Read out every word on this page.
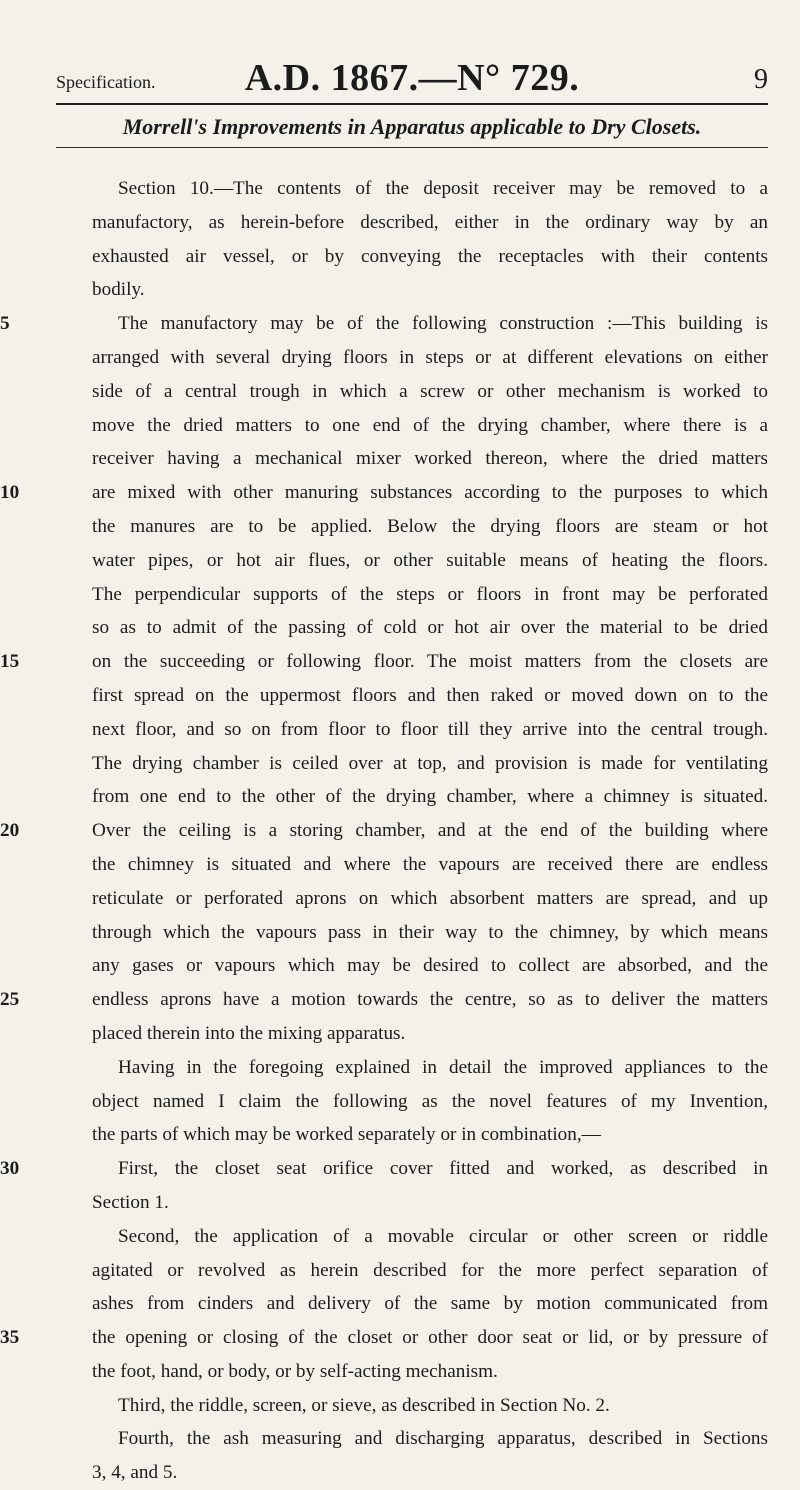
Specification.	A.D. 1867.—N° 729.	9
Morrell's Improvements in Apparatus applicable to Dry Closets.
Section 10.—The contents of the deposit receiver may be removed to a
manufactory, as herein-before described, either in the ordinary way by an
exhausted air vessel, or by conveying the receptacles with their contents
bodily.
5	The manufactory may be of the following construction :—This building is
arranged with several drying floors in steps or at different elevations on either
side of a central trough in which a screw or other mechanism is worked to
move the dried matters to one end of the drying chamber, where there is a
receiver having a mechanical mixer worked thereon, where the dried matters
10	are mixed with other manuring substances according to the purposes to which
the manures are to be applied. Below the drying floors are steam or hot
water pipes, or hot air flues, or other suitable means of heating the floors.
The perpendicular supports of the steps or floors in front may be perforated
so as to admit of the passing of cold or hot air over the material to be dried
15	on the succeeding or following floor. The moist matters from the closets are
first spread on the uppermost floors and then raked or moved down on to the
next floor, and so on from floor to floor till they arrive into the central trough.
The drying chamber is ceiled over at top, and provision is made for ventilating
from one end to the other of the drying chamber, where a chimney is situated.
20	Over the ceiling is a storing chamber, and at the end of the building where
the chimney is situated and where the vapours are received there are endless
reticulate or perforated aprons on which absorbent matters are spread, and up
through which the vapours pass in their way to the chimney, by which means
any gases or vapours which may be desired to collect are absorbed, and the
25	endless aprons have a motion towards the centre, so as to deliver the matters
placed therein into the mixing apparatus.
Having in the foregoing explained in detail the improved appliances to the
object named I claim the following as the novel features of my Invention,
the parts of which may be worked separately or in combination,—
30	First, the closet seat orifice cover fitted and worked, as described in
Section 1.
Second, the application of a movable circular or other screen or riddle
agitated or revolved as herein described for the more perfect separation of
ashes from cinders and delivery of the same by motion communicated from
35	the opening or closing of the closet or other door seat or lid, or by pressure of
the foot, hand, or body, or by self-acting mechanism.
Third, the riddle, screen, or sieve, as described in Section No. 2.
Fourth, the ash measuring and discharging apparatus, described in Sections
3, 4, and 5.
